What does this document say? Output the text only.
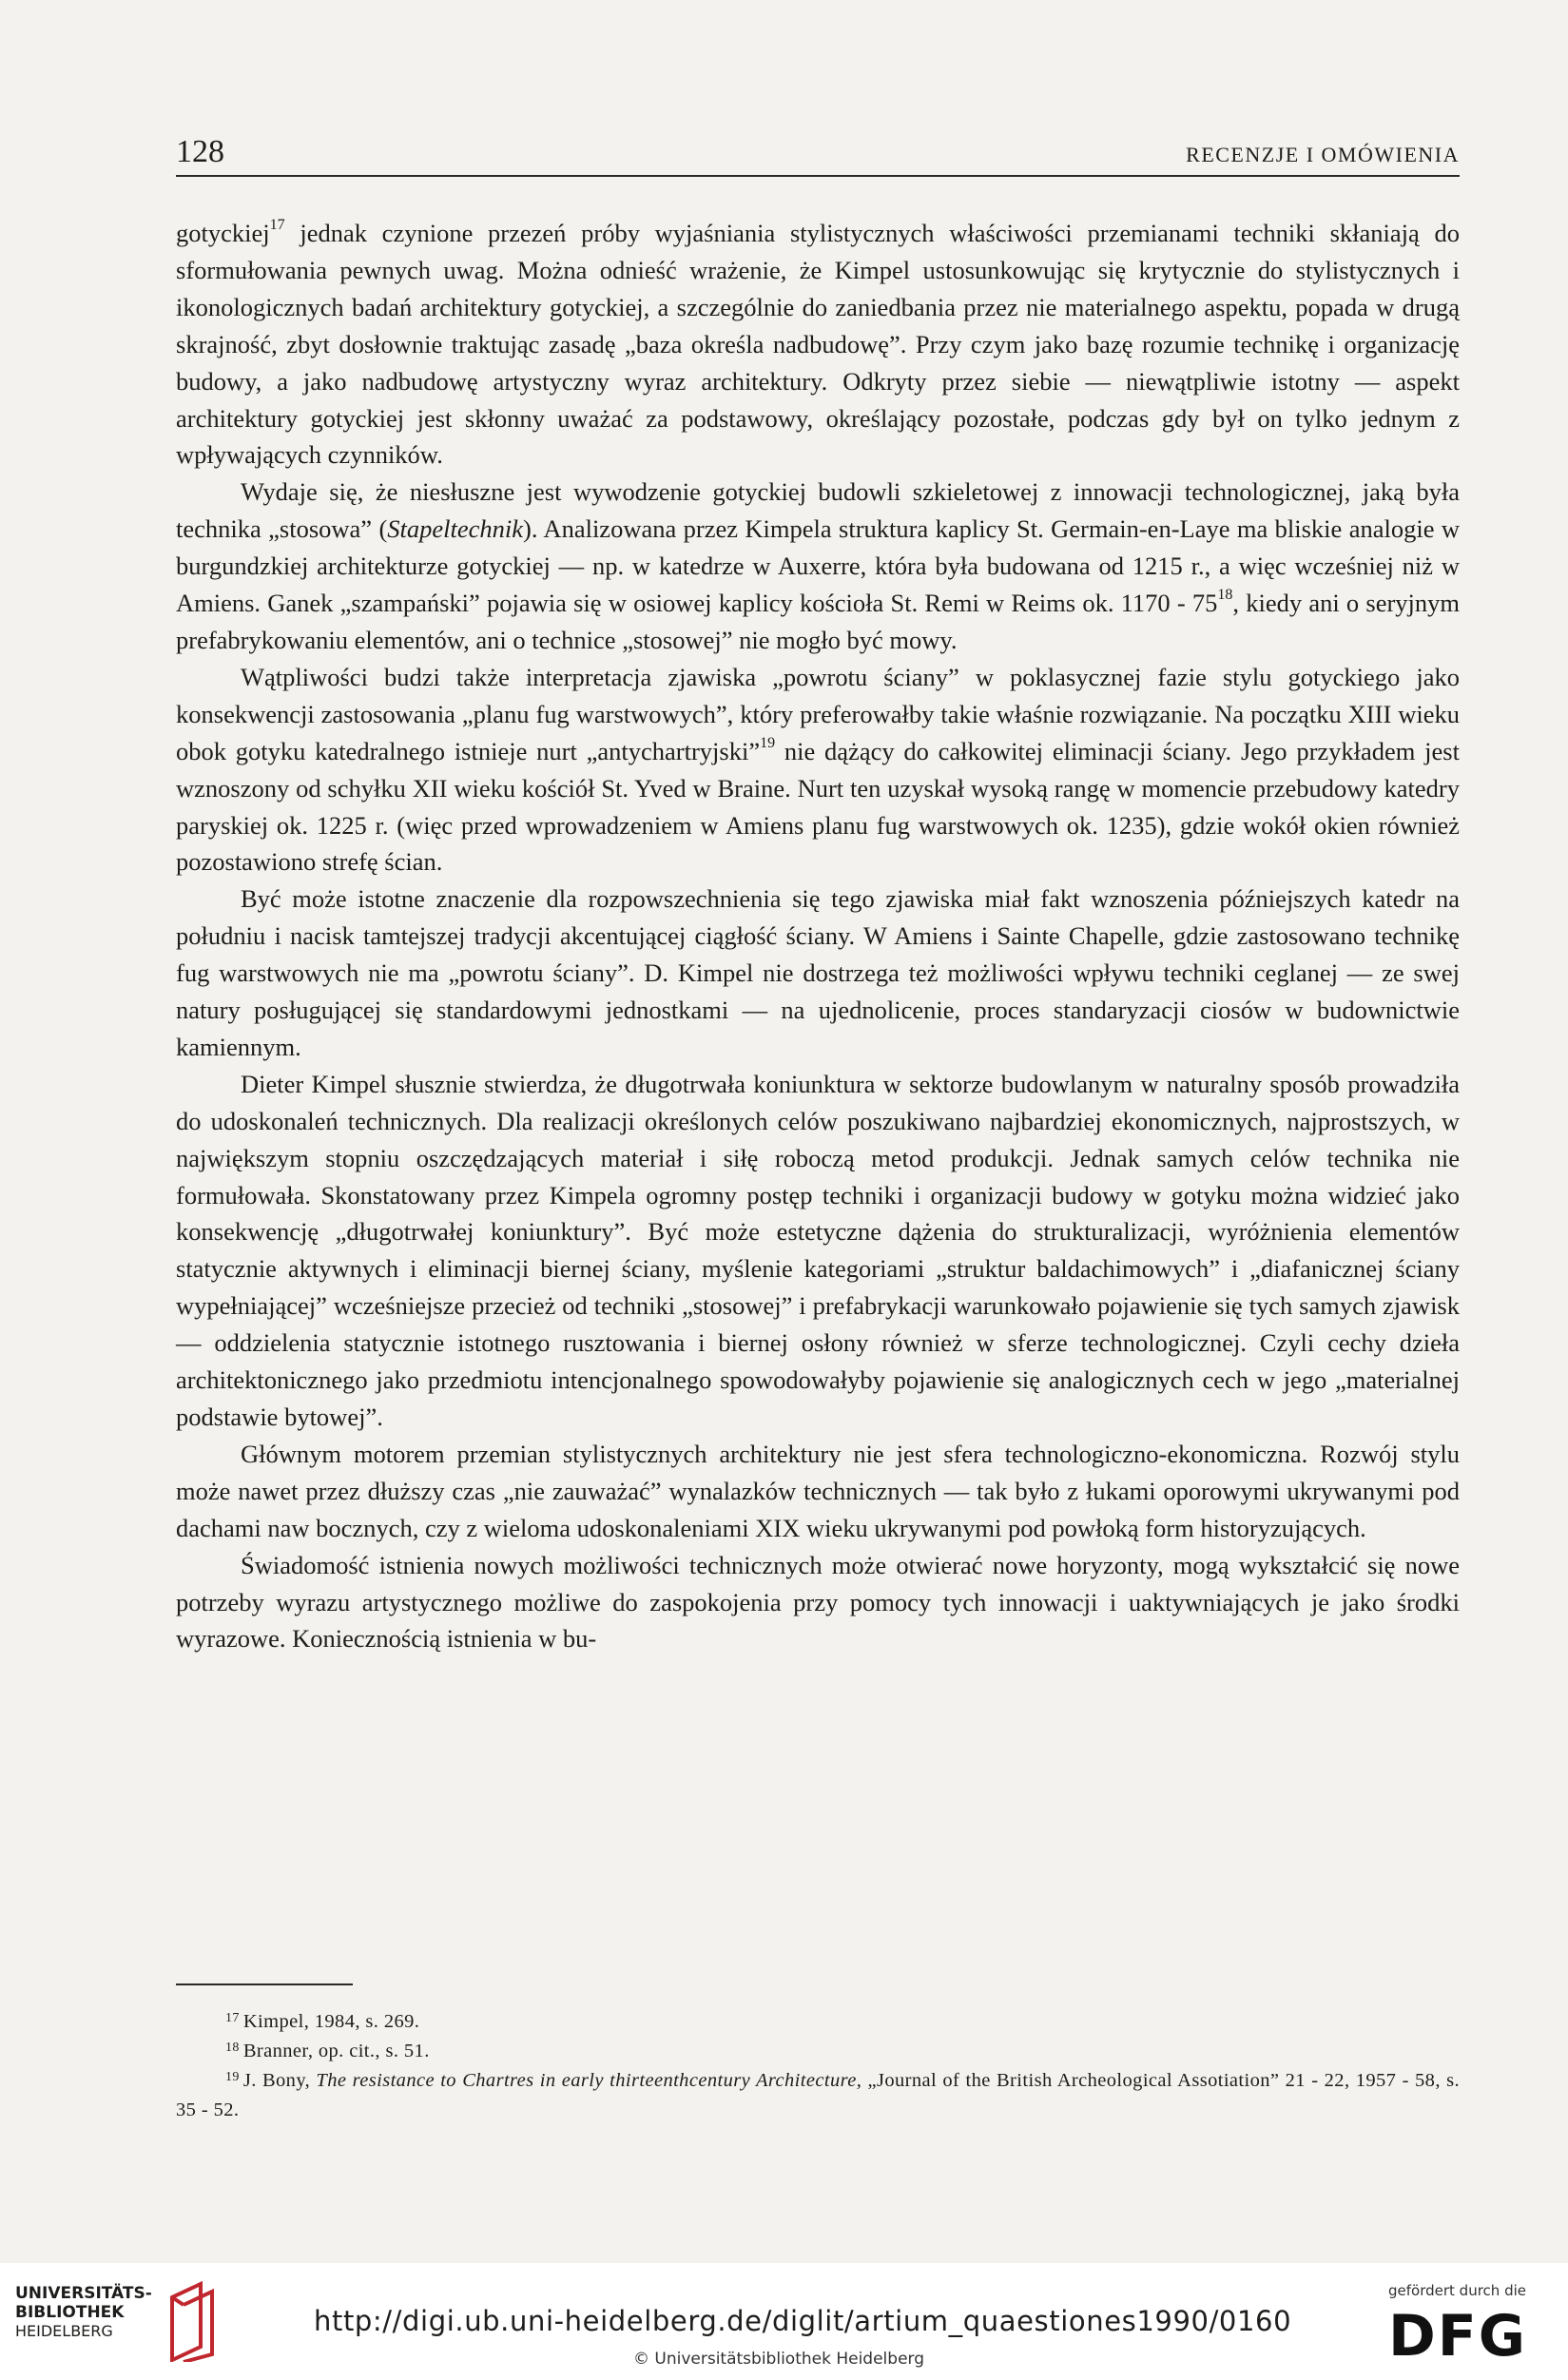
128	RECENZJE I OMÓWIENIA

gotyckiej$^{17}$ jednak czynione przezeń próby wyjaśniania stylistycznych właściwości przemianami techniki skłaniają do sformułowania pewnych uwag. Można odnieść wrażenie, że Kimpel ustosunkowując się krytycznie do stylistycznych i ikonologicznych badań architektury gotyckiej, a szczególnie do zaniedbania przez nie materialnego aspektu, popada w drugą skrajność, zbyt dosłownie traktując zasadę „baza określa nadbudowę”. Przy czym jako bazę rozumie technikę i organizację budowy, a jako nadbudowę artystyczny wyraz architektury. Odkryty przez siebie — niewątpliwie istotny — aspekt architektury gotyckiej jest skłonny uważać za podstawowy, określający pozostałe, podczas gdy był on tylko jednym z wpływających czynników.

Wydaje się, że niesłuszne jest wywodzenie gotyckiej budowli szkieletowej z innowacji technologicznej, jaką była technika „stosowa” (Stapeltechnik). Analizowana przez Kimpela struktura kaplicy St. Germain-en-Laye ma bliskie analogie w burgundzkiej architekturze gotyckiej — np. w katedrze w Auxerre, która była budowana od 1215 r., a więc wcześniej niż w Amiens. Ganek „szampański” pojawia się w osiowej kaplicy kościoła St. Remi w Reims ok. $1170 - 75^{18}$, kiedy ani o seryjnym prefabrykowaniu elementów, ani o technice „stosowej” nie mogło być mowy.

Wątpliwości budzi także interpretacja zjawiska „powrotu ściany” w poklasycznej fazie stylu gotyckiego jako konsekwencji zastosowania „planu fug warstwowych”, który preferowałby takie właśnie rozwiązanie. Na początku XIII wieku obok gotyku katedralnego istnieje nurt „antychartryjski”$^{19}$ nie dążący do całkowitej eliminacji ściany. Jego przykładem jest wznoszony od schyłku XII wieku kościół St. Yved w Braine. Nurt ten uzyskał wysoką rangę w momencie przebudowy katedry paryskiej ok. 1225 r. (więc przed wprowadzeniem w Amiens planu fug warstwowych ok. 1235), gdzie wokół okien również pozostawiono strefę ścian.

Być może istotne znaczenie dla rozpowszechnienia się tego zjawiska miał fakt wznoszenia późniejszych katedr na południu i nacisk tamtejszej tradycji akcentującej ciągłość ściany. W Amiens i Sainte Chapelle, gdzie zastosowano technikę fug warstwowych nie ma „powrotu ściany”. D. Kimpel nie dostrzega też możliwości wpływu techniki ceglanej — ze swej natury posługującej się standardowymi jednostkami — na ujednolicenie, proces standaryzacji ciosów w budownictwie kamiennym.

Dieter Kimpel słusznie stwierdza, że długotrwała koniunktura w sektorze budowlanym w naturalny sposób prowadziła do udoskonaleń technicznych. Dla realizacji określonych celów poszukiwano najbardziej ekonomicznych, najprostszych, w największym stopniu oszczędzających materiał i siłę roboczą metod produkcji. Jednak samych celów technika nie formułowała. Skonstatowany przez Kimpela ogromny postęp techniki i organizacji budowy w gotyku można widzieć jako konsekwencję „długotrwałej koniunktury”. Być może estetyczne dążenia do strukturalizacji, wyróżnienia elementów statycznie aktywnych i eliminacji biernej ściany, myślenie kategoriami „struktur baldachimowych” i „diafanicznej ściany wypełniającej” wcześniejsze przecież od techniki „stosowej” i prefabrykacji warunkowało pojawienie się tych samych zjawisk — oddzielenia statycznie istotnego rusztowania i biernej osłony również w sferze technologicznej. Czyli cechy dzieła architektonicznego jako przedmiotu intencjonalnego spowodowałyby pojawienie się analogicznych cech w jego „materialnej podstawie bytowej”.

Głównym motorem przemian stylistycznych architektury nie jest sfera technologiczno-ekonomiczna. Rozwój stylu może nawet przez dłuższy czas „nie zauważać” wynalazków technicznych — tak było z łukami oporowymi ukrywanymi pod dachami naw bocznych, czy z wieloma udoskonaleniami XIX wieku ukrywanymi pod powłoką form historyzujących.

Świadomość istnienia nowych możliwości technicznych może otwierać nowe horyzonty, mogą wykształcić się nowe potrzeby wyrazu artystycznego możliwe do zaspokojenia przy pomocy tych innowacji i uaktywniających je jako środki wyrazowe. Koniecznością istnienia w bu-

$^{17}$ Kimpel, 1984, s. 269.

$^{18}$ Branner, op. cit., s. 51.

$^{19}$ J. Bony, The resistance to Chartres in early thirteenthcentury Architecture, „Journal of the British Archeological Assotiation” 21 - 22, 1957 - 58, s. 35 - 52.

UNIVERSITÄTS-
BIBLIOTHEK
HEIDELBERG	http://digi.ub.uni-heidelberg.de/diglit/artium_quaestiones1990/0160
© Universitätsbibliothek Heidelberg
gefördert durch die
DFG
